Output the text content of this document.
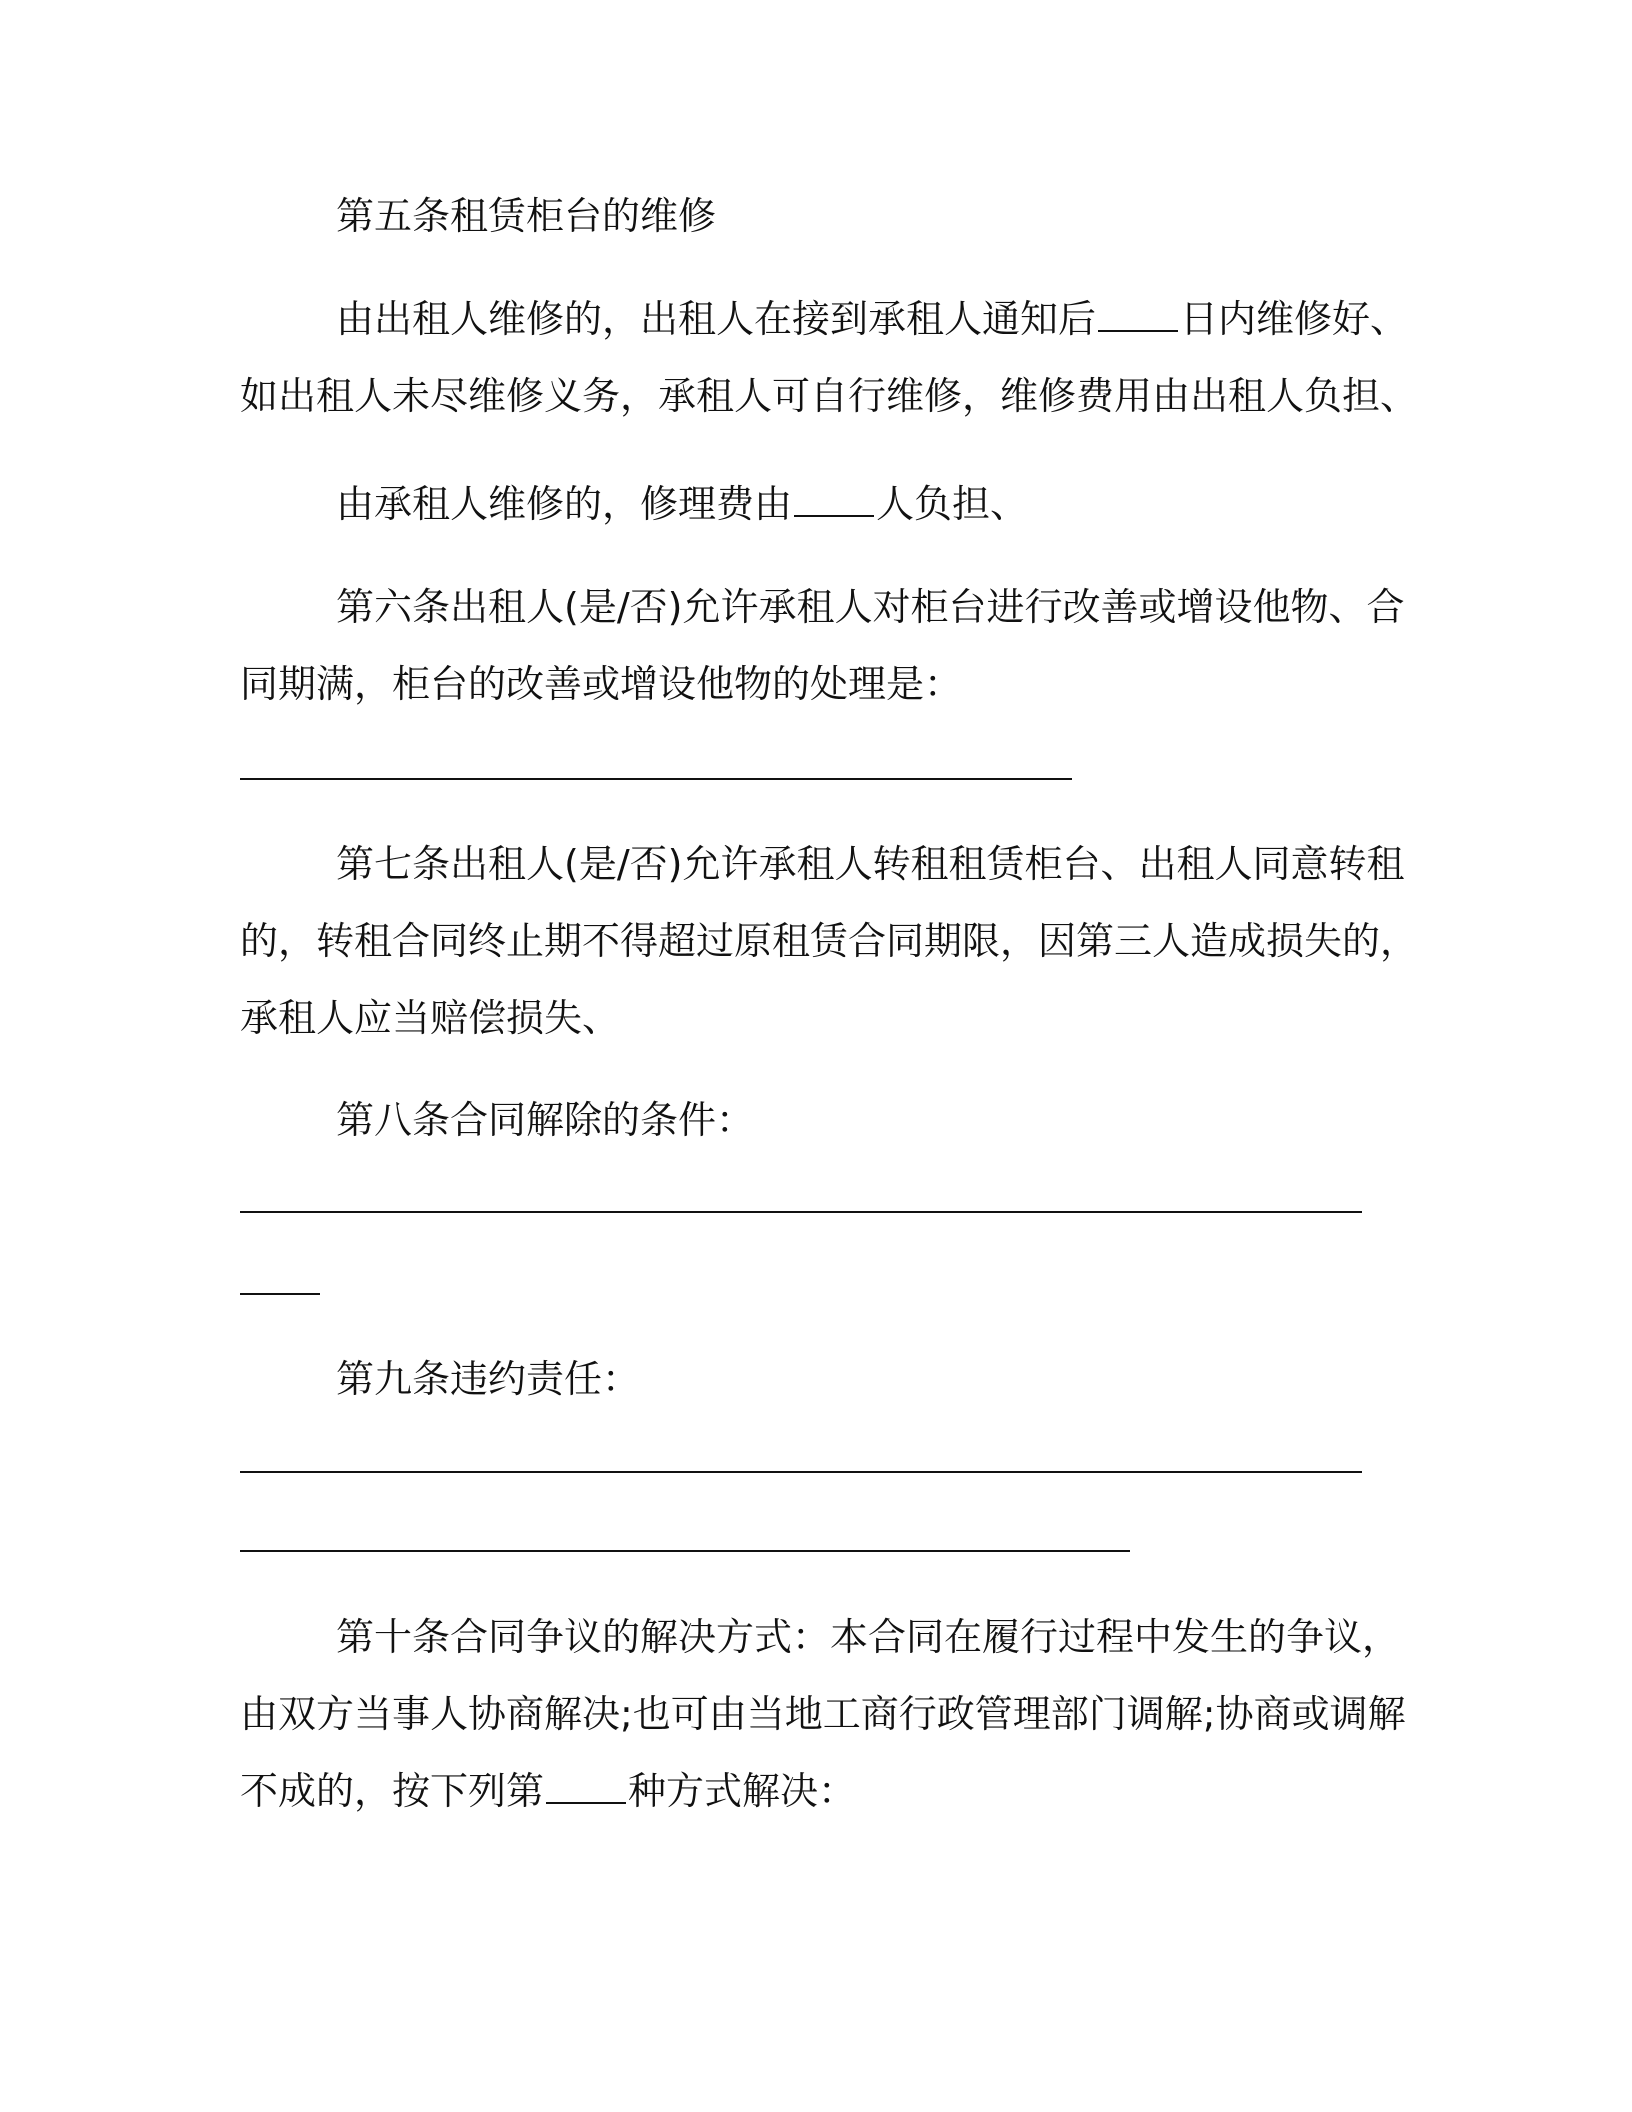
第五条租赁柜台的维修
由出租人维修的，出租人在接到承租人通知后 日内维修好、
如出租人未尽维修义务，承租人可自行维修，维修费用由出租人负担、
由承租人维修的，修理费由 人负担、
第六条出租人(是/否)允许承租人对柜台进行改善或增设他物、合
同期满，柜台的改善或增设他物的处理是：
第七条出租人(是/否)允许承租人转租租赁柜台、出租人同意转租
的，转租合同终止期不得超过原租赁合同期限，因第三人造成损失的，
承租人应当赔偿损失、
第八条合同解除的条件：
第九条违约责任：
第十条合同争议的解决方式：本合同在履行过程中发生的争议，
由双方当事人协商解决;也可由当地工商行政管理部门调解;协商或调解
不成的，按下列第 种方式解决：
